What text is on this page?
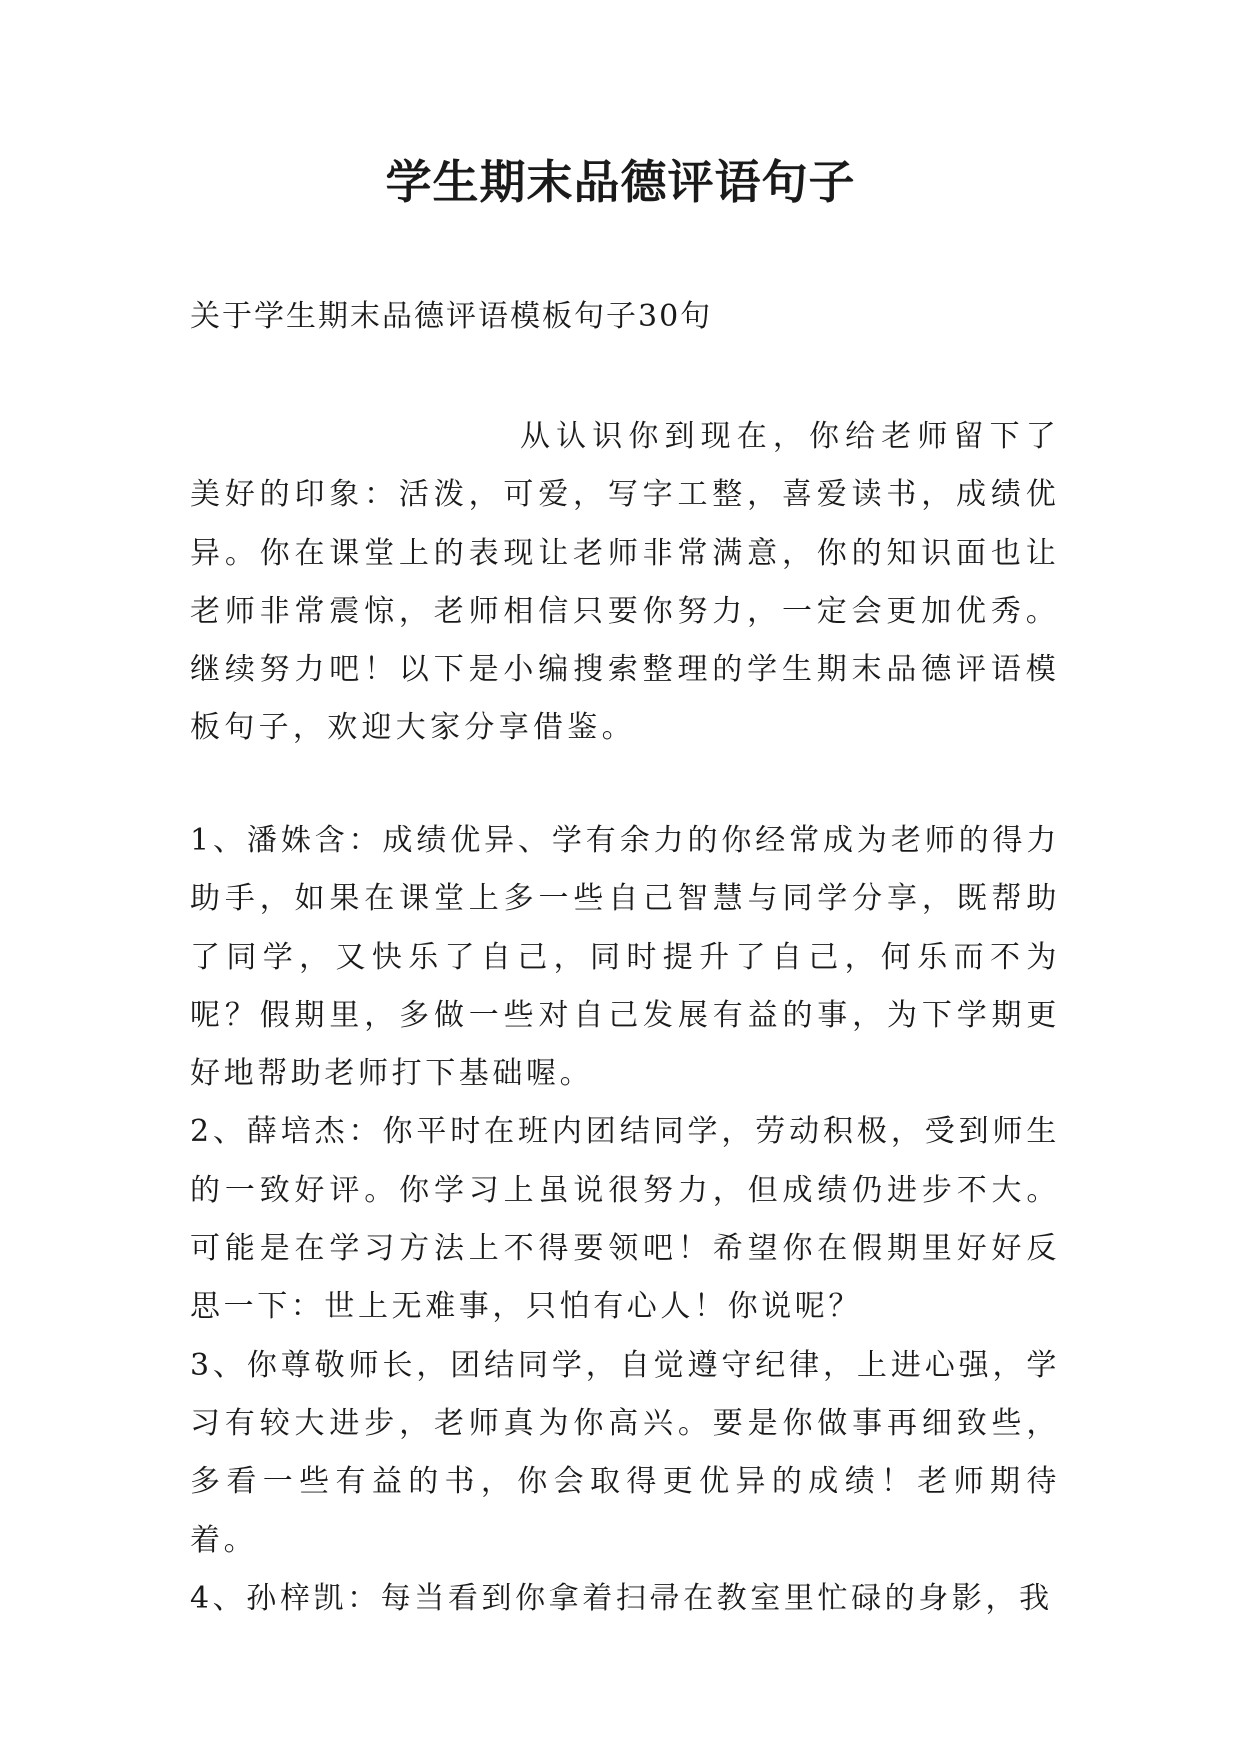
学生期末品德评语句子

关于学生期末品德评语模板句子30句

从认识你到现在，你给老师留下了美好的印象：活泼，可爱，写字工整，喜爱读书，成绩优异。你在课堂上的表现让老师非常满意，你的知识面也让老师非常震惊，老师相信只要你努力，一定会更加优秀。继续努力吧！以下是小编搜索整理的学生期末品德评语模板句子，欢迎大家分享借鉴。

1、潘姝含：成绩优异、学有余力的你经常成为老师的得力助手，如果在课堂上多一些自己智慧与同学分享，既帮助了同学，又快乐了自己，同时提升了自己，何乐而不为呢？假期里，多做一些对自己发展有益的事，为下学期更好地帮助老师打下基础喔。

2、薛培杰：你平时在班内团结同学，劳动积极，受到师生的一致好评。你学习上虽说很努力，但成绩仍进步不大。可能是在学习方法上不得要领吧！希望你在假期里好好反思一下：世上无难事，只怕有心人！你说呢？

3、你尊敬师长，团结同学，自觉遵守纪律，上进心强，学习有较大进步，老师真为你高兴。要是你做事再细致些，多看一些有益的书，你会取得更优异的成绩！老师期待着。

4、孙梓凯：每当看到你拿着扫帚在教室里忙碌的身影，我
